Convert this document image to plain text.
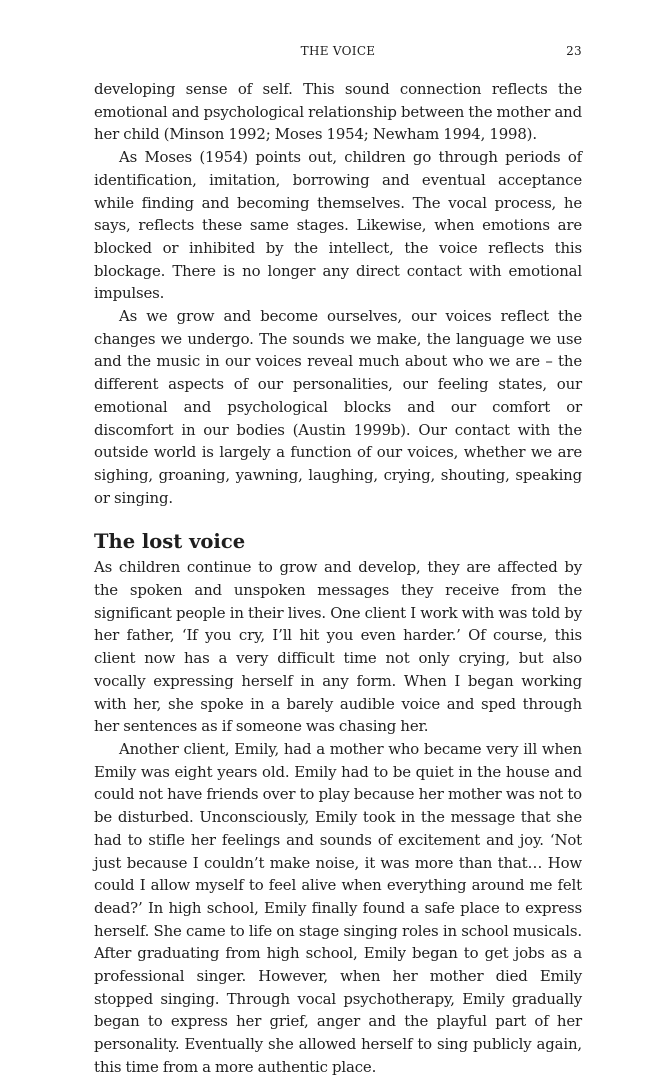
THE VOICE	23

developing sense of self. This sound connection reflects the emotional and psychological relationship between the mother and her child (Minson 1992; Moses 1954; Newham 1994, 1998).

As Moses (1954) points out, children go through periods of identification, imitation, borrowing and eventual acceptance while finding and becoming themselves. The vocal process, he says, reflects these same stages. Likewise, when emotions are blocked or inhibited by the intellect, the voice reflects this blockage. There is no longer any direct contact with emotional impulses.

As we grow and become ourselves, our voices reflect the changes we undergo. The sounds we make, the language we use and the music in our voices reveal much about who we are – the different aspects of our personalities, our feeling states, our emotional and psychological blocks and our comfort or discomfort in our bodies (Austin 1999b). Our contact with the outside world is largely a function of our voices, whether we are sighing, groaning, yawning, laughing, crying, shouting, speaking or singing.

The lost voice

As children continue to grow and develop, they are affected by the spoken and unspoken messages they receive from the significant people in their lives. One client I work with was told by her father, ‘If you cry, I’ll hit you even harder.’ Of course, this client now has a very difficult time not only crying, but also vocally expressing herself in any form. When I began working with her, she spoke in a barely audible voice and sped through her sentences as if someone was chasing her.

Another client, Emily, had a mother who became very ill when Emily was eight years old. Emily had to be quiet in the house and could not have friends over to play because her mother was not to be disturbed. Unconsciously, Emily took in the message that she had to stifle her feelings and sounds of excitement and joy. ‘Not just because I couldn’t make noise, it was more than that… How could I allow myself to feel alive when everything around me felt dead?’ In high school, Emily finally found a safe place to express herself. She came to life on stage singing roles in school musicals. After graduating from high school, Emily began to get jobs as a professional singer. However, when her mother died Emily stopped singing. Through vocal psychotherapy, Emily gradually began to express her grief, anger and the playful part of her personality. Eventually she allowed herself to sing publicly again, this time from a more authentic place.
